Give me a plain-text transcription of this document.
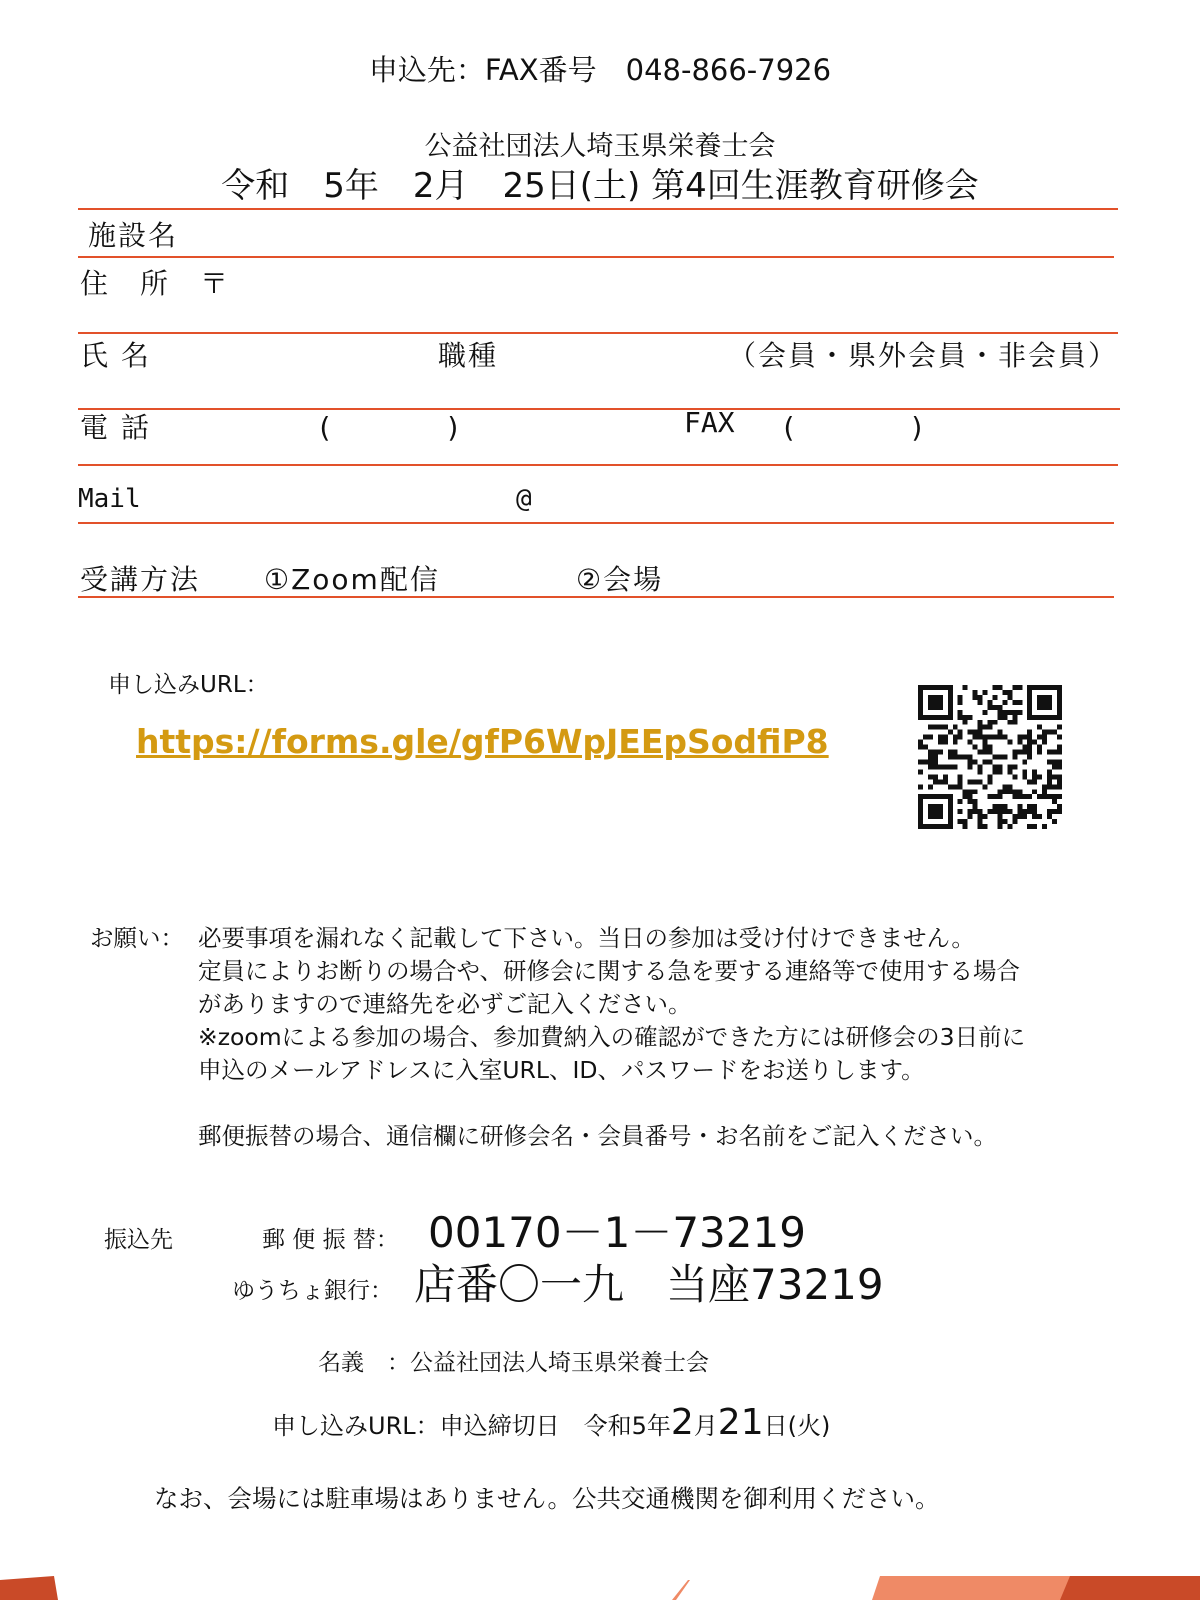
申込先：FAX番号　048-866-7926
公益社団法人埼玉県栄養士会
令和　5年　2月　25日(土) 第4回生涯教育研修会
施設名
住　所　〒
氏 名	職種	（会員・県外会員・非会員）
電 話	(　　　　)	FAX (　　　　)
Mail	@
受講方法 ①Zoom配信	②会場
申し込みURL：
https://forms.gle/gfP6WpJEEpSodfiP8
お願い： 必要事項を漏れなく記載して下さい。当日の参加は受け付けできません。
定員によりお断りの場合や、研修会に関する急を要する連絡等で使用する場合
がありますので連絡先を必ずご記入ください。
※zoomによる参加の場合、参加費納入の確認ができた方には研修会の3日前に
申込のメールアドレスに入室URL、ID、パスワードをお送りします。
郵便振替の場合、通信欄に研修会名・会員番号・お名前をご記入ください。
振込先	郵 便 振 替： 00170－1－73219
ゆうちょ銀行： 店番〇一九　当座73219
名義　：公益社団法人埼玉県栄養士会
申し込みURL：申込締切日　令和5年2月21日(火)
なお、会場には駐車場はありません。公共交通機関を御利用ください。
